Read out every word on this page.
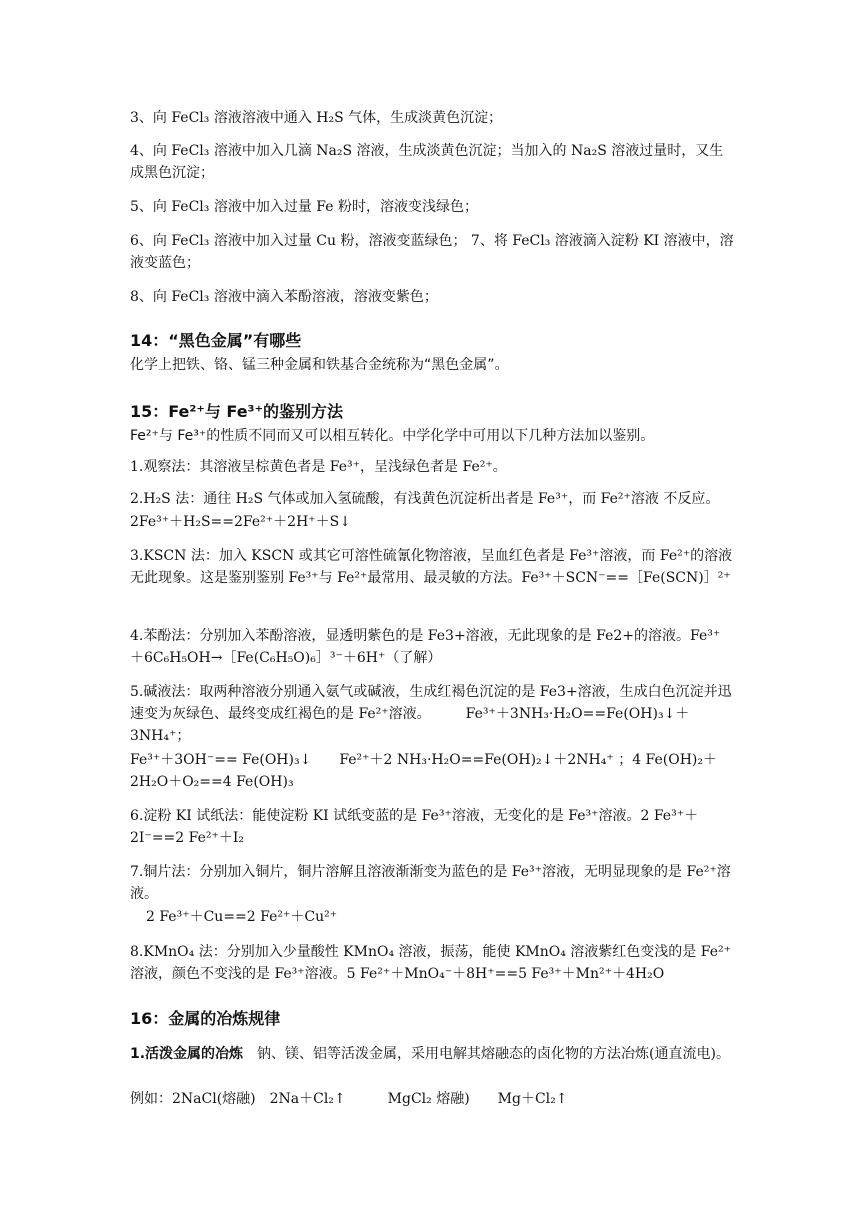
3、向 FeCl₃ 溶液溶液中通入 H₂S 气体，生成淡黄色沉淀；

4、向 FeCl₃ 溶液中加入几滴 Na₂S 溶液，生成淡黄色沉淀；当加入的 Na₂S 溶液过量时，又生成黑色沉淀；

5、向 FeCl₃ 溶液中加入过量 Fe 粉时，溶液变浅绿色；

6、向 FeCl₃ 溶液中加入过量 Cu 粉，溶液变蓝绿色； 7、将 FeCl₃ 溶液滴入淀粉 KI 溶液中，溶液变蓝色；

8、向 FeCl₃ 溶液中滴入苯酚溶液，溶液变紫色；

14：“黑色金属”有哪些

化学上把铁、铬、锰三种金属和铁基合金统称为“黑色金属”。

15：Fe²⁺与 Fe³⁺的鉴别方法

Fe²⁺与 Fe³⁺的性质不同而又可以相互转化。中学化学中可用以下几种方法加以鉴别。

1.观察法：其溶液呈棕黄色者是 Fe³⁺，呈浅绿色者是 Fe²⁺。

2.H₂S 法：通往 H₂S 气体或加入氢硫酸，有浅黄色沉淀析出者是 Fe³⁺，而 Fe²⁺溶液 不反应。

2Fe³⁺＋H₂S==2Fe²⁺＋2H⁺＋S↓

3.KSCN 法：加入 KSCN 或其它可溶性硫氰化物溶液，呈血红色者是 Fe³⁺溶液，而 Fe²⁺的溶液无此现象。这是鉴别鉴别 Fe³⁺与 Fe²⁺最常用、最灵敏的方法。Fe³⁺＋SCN⁻==［Fe(SCN)］²⁺

4.苯酚法：分别加入苯酚溶液，显透明紫色的是 Fe3+溶液，无此现象的是 Fe2+的溶液。Fe³⁺＋6C₆H₅OH→［Fe(C₆H₅O)₆］³⁻＋6H⁺（了解）

5.碱液法：取两种溶液分别通入氨气或碱液，生成红褐色沉淀的是 Fe3+溶液，生成白色沉淀并迅速变为灰绿色、最终变成红褐色的是 Fe²⁺溶液。　　　Fe³⁺＋3NH₃·H₂O==Fe(OH)₃↓＋3NH₄⁺；

Fe³⁺＋3OH⁻== Fe(OH)₃↓　　Fe²⁺＋2 NH₃·H₂O==Fe(OH)₂↓＋2NH₄⁺ ；4 Fe(OH)₂＋2H₂O＋O₂==4 Fe(OH)₃

6.淀粉 KI 试纸法：能使淀粉 KI 试纸变蓝的是 Fe³⁺溶液，无变化的是 Fe³⁺溶液。2 Fe³⁺＋2I⁻==2 Fe²⁺＋I₂

7.铜片法：分别加入铜片，铜片溶解且溶液渐渐变为蓝色的是 Fe³⁺溶液，无明显现象的是 Fe²⁺溶液。

2 Fe³⁺＋Cu==2 Fe²⁺＋Cu²⁺

8.KMnO₄ 法：分别加入少量酸性 KMnO₄ 溶液，振荡，能使 KMnO₄ 溶液紫红色变浅的是 Fe²⁺溶液，颜色不变浅的是 Fe³⁺溶液。5 Fe²⁺＋MnO₄⁻＋8H⁺==5 Fe³⁺＋Mn²⁺＋4H₂O

16：金属的冶炼规律

1.活泼金属的冶炼　钠、镁、铝等活泼金属，采用电解其熔融态的卤化物的方法冶炼(通直流电)。

例如：2NaCl(熔融)　2Na＋Cl₂↑　　　MgCl₂ 熔融)　　Mg＋Cl₂↑
